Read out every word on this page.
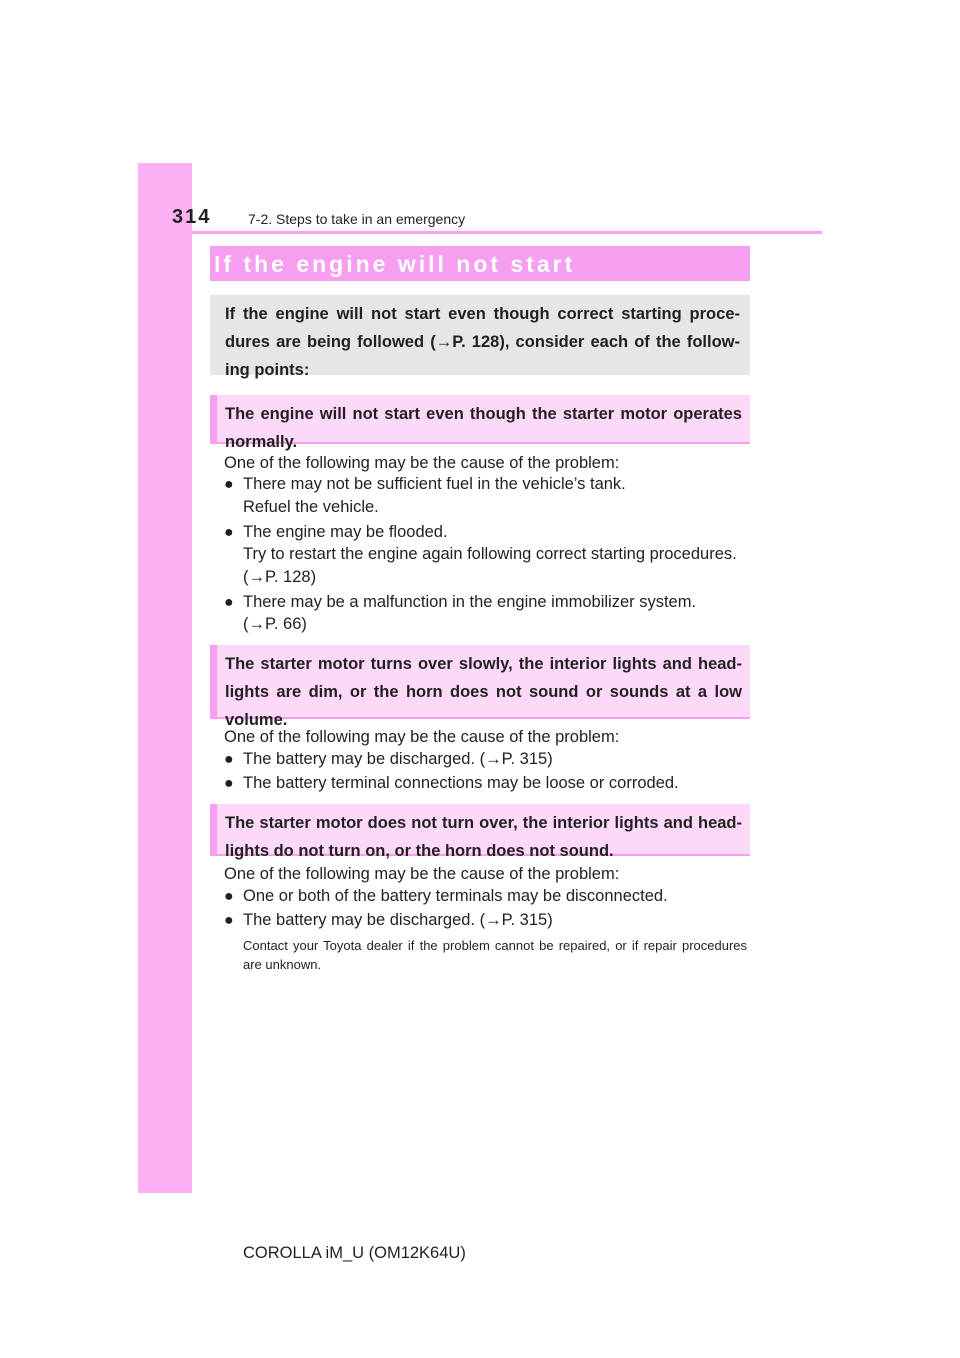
314	7-2. Steps to take in an emergency
If the engine will not start
If the engine will not start even though correct starting proce-
dures are being followed (→P. 128), consider each of the follow-
ing points:
The engine will not start even though the starter motor operates
normally.
One of the following may be the cause of the problem:
● There may not be sufficient fuel in the vehicle’s tank.
Refuel the vehicle.
● The engine may be flooded.
Try to restart the engine again following correct starting procedures.
(→P. 128)
● There may be a malfunction in the engine immobilizer system.
(→P. 66)
The starter motor turns over slowly, the interior lights and head-
lights are dim, or the horn does not sound or sounds at a low
volume.
One of the following may be the cause of the problem:
● The battery may be discharged. (→P. 315)
● The battery terminal connections may be loose or corroded.
The starter motor does not turn over, the interior lights and head-
lights do not turn on, or the horn does not sound.
One of the following may be the cause of the problem:
● One or both of the battery terminals may be disconnected.
● The battery may be discharged. (→P. 315)
Contact your Toyota dealer if the problem cannot be repaired, or if repair procedures are unknown.
COROLLA iM_U (OM12K64U)
